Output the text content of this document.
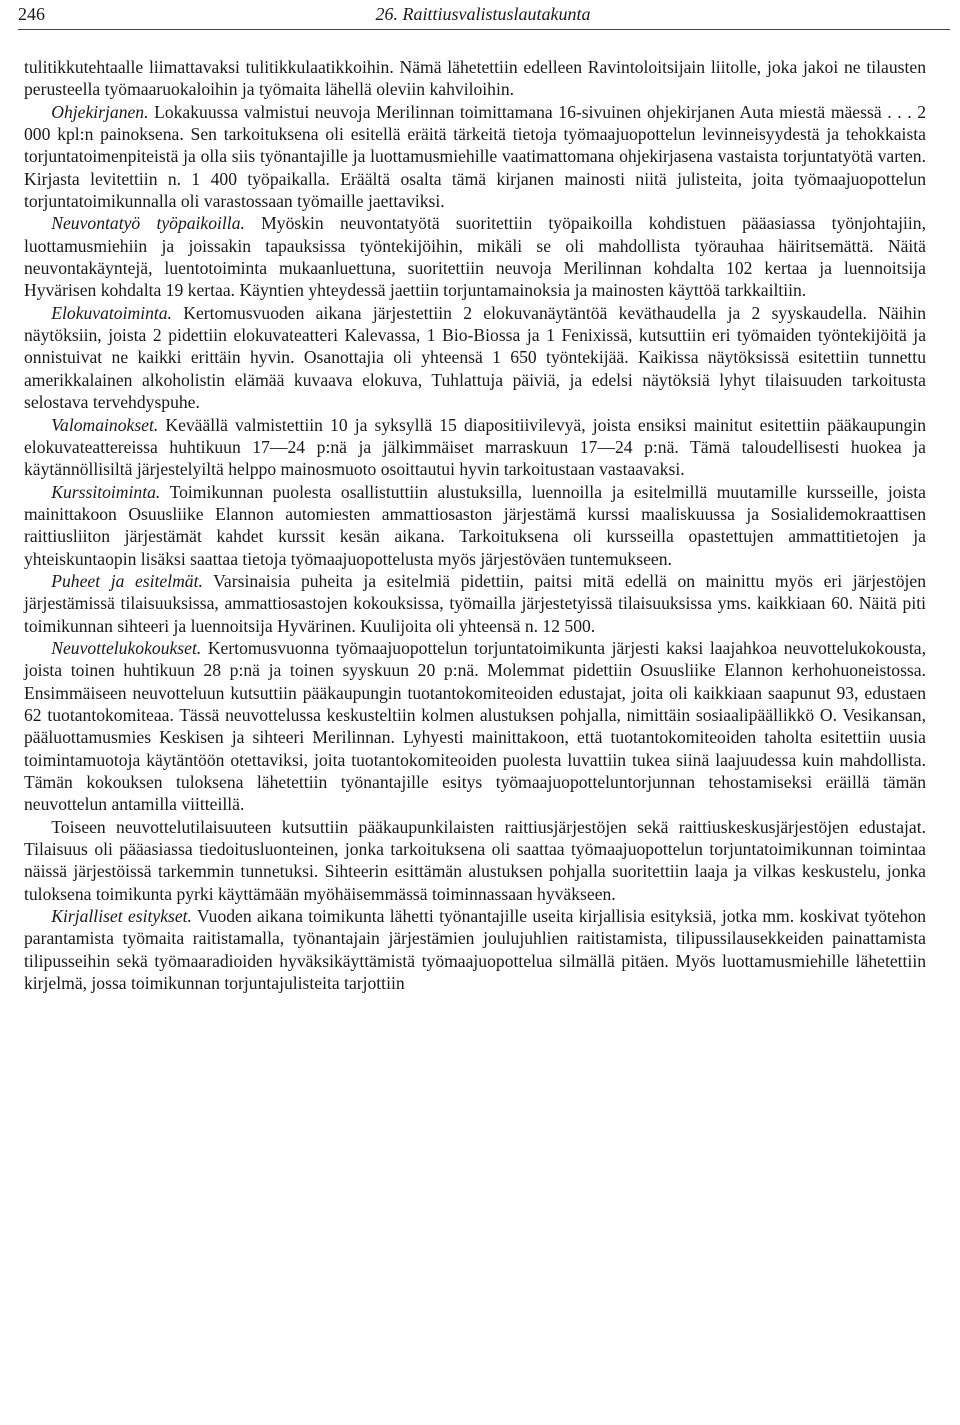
246	26. Raittiusvalistuslautakunta

tulitikkutehtaalle liimattavaksi tulitikkulaatikkoihin. Nämä lähetettiin edelleen Ravintoloitsijain liitolle, joka jakoi ne tilausten perusteella työmaaruokaloihin ja työmaita lähellä oleviin kahviloihin.

Ohjekirjanen. Lokakuussa valmistui neuvoja Merilinnan toimittamana 16-sivuinen ohjekirjanen Auta miestä mäessä . . . 2 000 kpl:n painoksena. Sen tarkoituksena oli esitellä eräitä tärkeitä tietoja työmaajuopottelun levinneisyydestä ja tehokkaista torjuntatoimenpiteistä ja olla siis työnantajille ja luottamusmiehille vaatimattomana ohjekirjasena vastaista torjuntatyötä varten. Kirjasta levitettiin n. 1 400 työpaikalla. Eräältä osalta tämä kirjanen mainosti niitä julisteita, joita työmaajuopottelun torjuntatoimikunnalla oli varastossaan työmaille jaettaviksi.

Neuvontatyö työpaikoilla. Myöskin neuvontatyötä suoritettiin työpaikoilla kohdistuen pääasiassa työnjohtajiin, luottamusmiehiin ja joissakin tapauksissa työntekijöihin, mikäli se oli mahdollista työrauhaa häiritsemättä. Näitä neuvontakäyntejä, luentotoiminta mukaanluettuna, suoritettiin neuvoja Merilinnan kohdalta 102 kertaa ja luennoitsija Hyvärisen kohdalta 19 kertaa. Käyntien yhteydessä jaettiin torjuntamainoksia ja mainosten käyttöä tarkkailtiin.

Elokuvatoiminta. Kertomusvuoden aikana järjestettiin 2 elokuvanäytäntöä keväthaudella ja 2 syyskaudella. Näihin näytöksiin, joista 2 pidettiin elokuvateatteri Kalevassa, 1 Bio-Biossa ja 1 Fenixissä, kutsuttiin eri työmaiden työntekijöitä ja onnistuivat ne kaikki erittäin hyvin. Osanottajia oli yhteensä 1 650 työntekijää. Kaikissa näytöksissä esitettiin tunnettu amerikkalainen alkoholistin elämää kuvaava elokuva, Tuhlattuja päiviä, ja edelsi näytöksiä lyhyt tilaisuuden tarkoitusta selostava tervehdyspuhe.

Valomainokset. Keväällä valmistettiin 10 ja syksyllä 15 diapositiivilevyä, joista ensiksi mainitut esitettiin pääkaupungin elokuvateattereissa huhtikuun 17—24 p:nä ja jälkimmäiset marraskuun 17—24 p:nä. Tämä taloudellisesti huokea ja käytännöllisiltä järjestelyiltä helppo mainosmuoto osoittautui hyvin tarkoitustaan vastaavaksi.

Kurssitoiminta. Toimikunnan puolesta osallistuttiin alustuksilla, luennoilla ja esitelmillä muutamille kursseille, joista mainittakoon Osuusliike Elannon automiesten ammattiosaston järjestämä kurssi maaliskuussa ja Sosialidemokraattisen raittiusliiton järjestämät kahdet kurssit kesän aikana. Tarkoituksena oli kursseilla opastettujen ammattitietojen ja yhteiskuntaopin lisäksi saattaa tietoja työmaajuopottelusta myös järjestöväen tuntemukseen.

Puheet ja esitelmät. Varsinaisia puheita ja esitelmiä pidettiin, paitsi mitä edellä on mainittu myös eri järjestöjen järjestämissä tilaisuuksissa, ammattiosastojen kokouksissa, työmailla järjestetyissä tilaisuuksissa yms. kaikkiaan 60. Näitä piti toimikunnan sihteeri ja luennoitsija Hyvärinen. Kuulijoita oli yhteensä n. 12 500.

Neuvottelukokoukset. Kertomusvuonna työmaajuopottelun torjuntatoimikunta järjesti kaksi laajahkoa neuvottelukokousta, joista toinen huhtikuun 28 p:nä ja toinen syyskuun 20 p:nä. Molemmat pidettiin Osuusliike Elannon kerhohuoneistossa. Ensimmäiseen neuvotteluun kutsuttiin pääkaupungin tuotantokomiteoiden edustajat, joita oli kaikkiaan saapunut 93, edustaen 62 tuotantokomiteaa. Tässä neuvottelussa keskusteltiin kolmen alustuksen pohjalla, nimittäin sosiaalipäällikkö O. Vesikansan, pääluottamusmies Keskisen ja sihteeri Merilinnan. Lyhyesti mainittakoon, että tuotantokomiteoiden taholta esitettiin uusia toimintamuotoja käytäntöön otettaviksi, joita tuotantokomiteoiden puolesta luvattiin tukea siinä laajuudessa kuin mahdollista. Tämän kokouksen tuloksena lähetettiin työnantajille esitys työmaajuopotteluntorjunnan tehostamiseksi eräillä tämän neuvottelun antamilla viitteillä.

Toiseen neuvottelutilaisuuteen kutsuttiin pääkaupunkilaisten raittiusjärjestöjen sekä raittiuskeskusjärjestöjen edustajat. Tilaisuus oli pääasiassa tiedoitusluonteinen, jonka tarkoituksena oli saattaa työmaajuopottelun torjuntatoimikunnan toimintaa näissä järjestöissä tarkemmin tunnetuksi. Sihteerin esittämän alustuksen pohjalla suoritettiin laaja ja vilkas keskustelu, jonka tuloksena toimikunta pyrki käyttämään myöhäisemmässä toiminnassaan hyväkseen.

Kirjalliset esitykset. Vuoden aikana toimikunta lähetti työnantajille useita kirjallisia esityksiä, jotka mm. koskivat työtehon parantamista työmaita raitistamalla, työnantajain järjestämien joulujuhlien raitistamista, tilipussilausekkeiden painattamista tilipusseihin sekä työmaaradioiden hyväksikäyttämistä työmaajuopottelua silmällä pitäen. Myös luottamusmiehille lähetettiin kirjelmä, jossa toimikunnan torjuntajulisteita tarjottiin
